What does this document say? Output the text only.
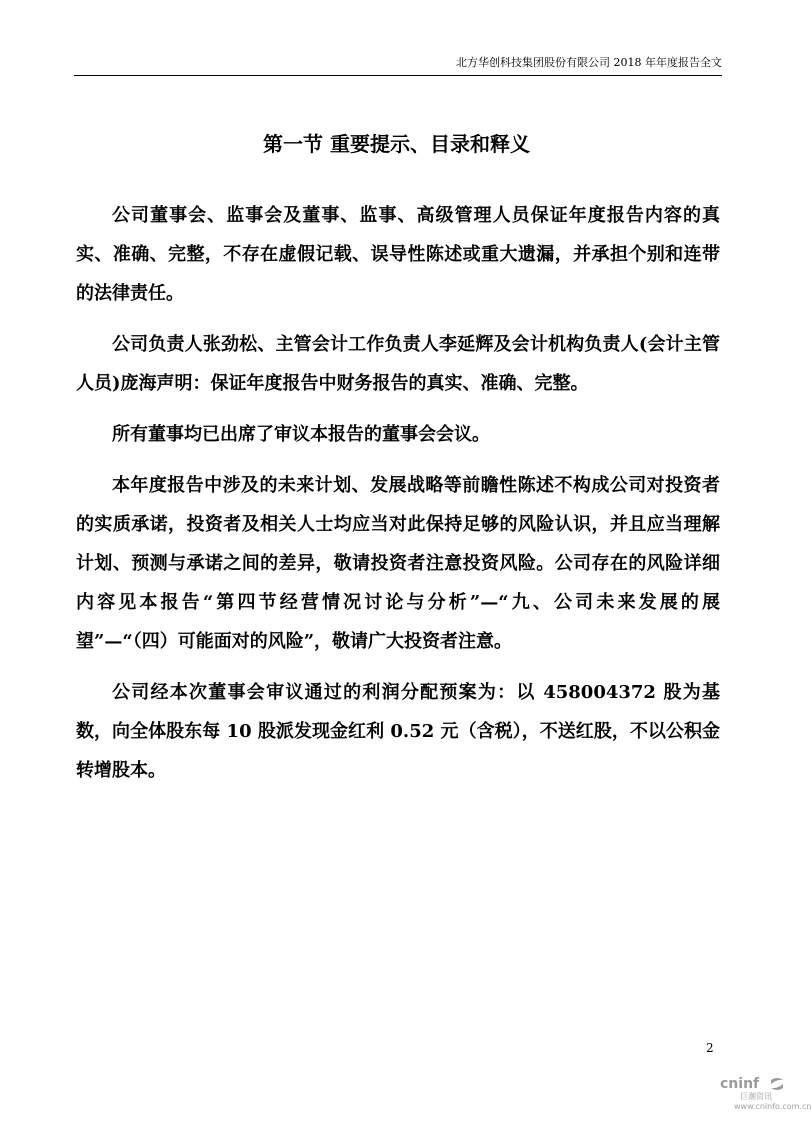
北方华创科技集团股份有限公司 2018 年年度报告全文
第一节 重要提示、目录和释义

公司董事会、监事会及董事、监事、高级管理人员保证年度报告内容的真实、准确、完整，不存在虚假记载、误导性陈述或重大遗漏，并承担个别和连带的法律责任。

公司负责人张劲松、主管会计工作负责人李延辉及会计机构负责人(会计主管人员)庞海声明：保证年度报告中财务报告的真实、准确、完整。

所有董事均已出席了审议本报告的董事会会议。

本年度报告中涉及的未来计划、发展战略等前瞻性陈述不构成公司对投资者的实质承诺，投资者及相关人士均应当对此保持足够的风险认识，并且应当理解计划、预测与承诺之间的差异，敬请投资者注意投资风险。公司存在的风险详细内容见本报告“第四节经营情况讨论与分析”—“九、公司未来发展的展望”—“（四）可能面对的风险”，敬请广大投资者注意。

公司经本次董事会审议通过的利润分配预案为：以 458004372 股为基数，向全体股东每 10 股派发现金红利 0.52 元（含税），不送红股，不以公积金转增股本。

2
cninf
巨潮资讯
www.cninfo.com.cn
